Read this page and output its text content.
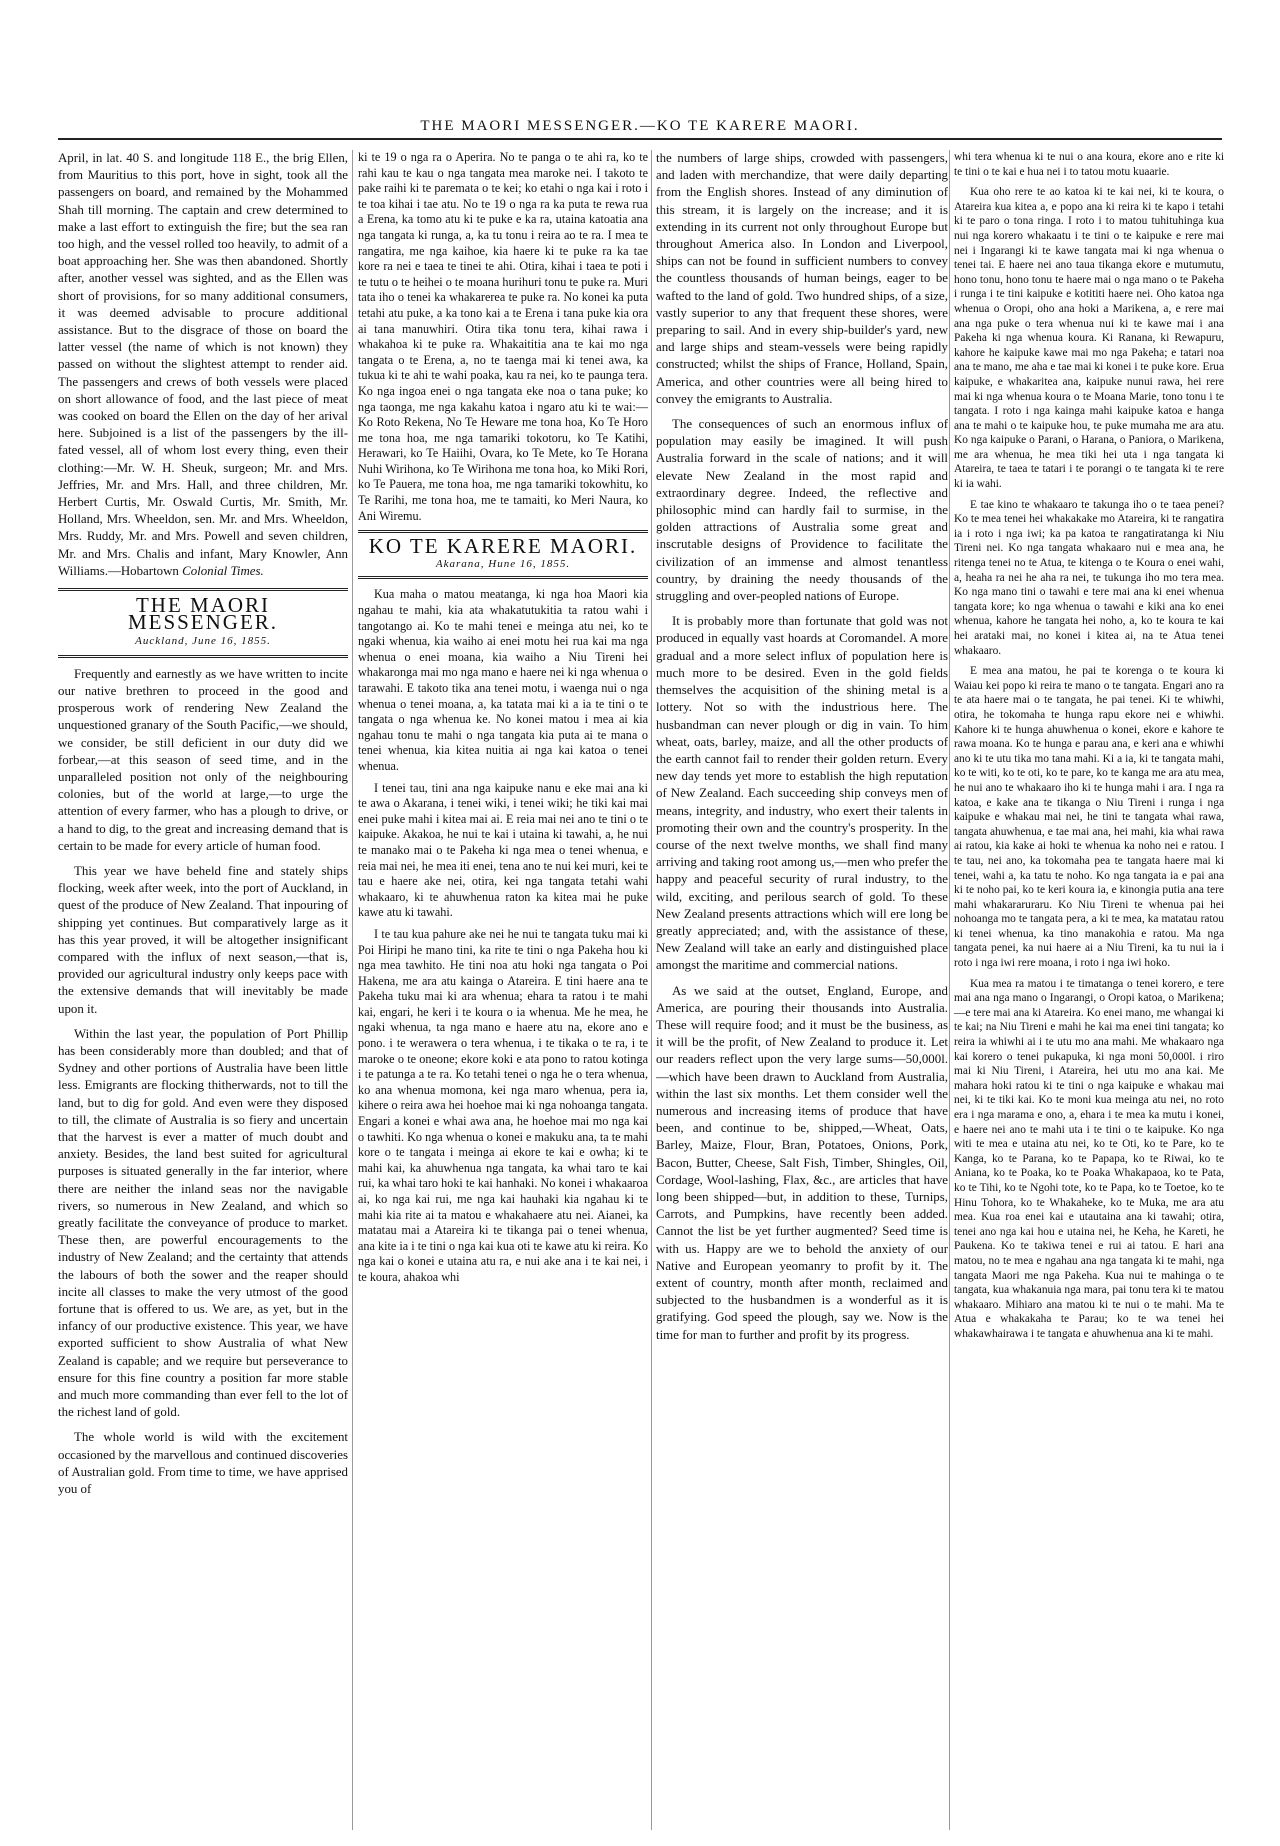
THE MAORI MESSENGER.—KO TE KARERE MAORI.

April, in lat. 40 S. and longitude 118 E., the brig Ellen, from Mauritius to this port, hove in sight, took all the passengers on board, and remained by the Mohammed Shah till morning. The captain and crew determined to make a last effort to extinguish the fire; but the sea ran too high, and the vessel rolled too heavily, to admit of a boat approaching her. She was then abandoned. Shortly after, another vessel was sighted, and as the Ellen was short of provisions, for so many additional consumers, it was deemed advisable to procure additional assistance. But to the disgrace of those on board the latter vessel (the name of which is not known) they passed on without the slightest attempt to render aid. The passengers and crews of both vessels were placed on short allowance of food, and the last piece of meat was cooked on board the Ellen on the day of her arival here. Subjoined is a list of the passengers by the ill-fated vessel, all of whom lost every thing, even their clothing:—Mr. W. H. Sheuk, surgeon; Mr. and Mrs. Jeffries, Mr. and Mrs. Hall, and three children, Mr. Herbert Curtis, Mr. Oswald Curtis, Mr. Smith, Mr. Holland, Mrs. Wheeldon, sen. Mr. and Mrs. Wheeldon, Mrs. Ruddy, Mr. and Mrs. Powell and seven children, Mr. and Mrs. Chalis and infant, Mary Knowler, Ann Williams.—Hobartown Colonial Times.

THE MAORI MESSENGER.
Auckland, June 16, 1855.

Frequently and earnestly as we have written to incite our native brethren to proceed in the good and prosperous work of rendering New Zealand the unquestioned granary of the South Pacific,—we should, we consider, be still deficient in our duty did we forbear,—at this season of seed time, and in the unparalleled position not only of the neighbouring colonies, but of the world at large,—to urge the attention of every farmer, who has a plough to drive, or a hand to dig, to the great and increasing demand that is certain to be made for every article of human food.

This year we have beheld fine and stately ships flocking, week after week, into the port of Auckland, in quest of the produce of New Zealand. That inpouring of shipping yet continues. But comparatively large as it has this year proved, it will be altogether insignificant compared with the influx of next season,—that is, provided our agricultural industry only keeps pace with the extensive demands that will inevitably be made upon it.

Within the last year, the population of Port Phillip has been considerably more than doubled; and that of Sydney and other portions of Australia have been little less. Emigrants are flocking thitherwards, not to till the land, but to dig for gold. And even were they disposed to till, the climate of Australia is so fiery and uncertain that the harvest is ever a matter of much doubt and anxiety. Besides, the land best suited for agricultural purposes is situated generally in the far interior, where there are neither the inland seas nor the navigable rivers, so numerous in New Zealand, and which so greatly facilitate the conveyance of produce to market. These then, are powerful encouragements to the industry of New Zealand; and the certainty that attends the labours of both the sower and the reaper should incite all classes to make the very utmost of the good fortune that is offered to us. We are, as yet, but in the infancy of our productive existence. This year, we have exported sufficient to show Australia of what New Zealand is capable; and we require but perseverance to ensure for this fine country a position far more stable and much more commanding than ever fell to the lot of the richest land of gold.

The whole world is wild with the excitement occasioned by the marvellous and continued discoveries of Australian gold. From time to time, we have apprised you of

ki te 19 o nga ra o Aperira. No te panga o te ahi ra, ko te rahi kau te kau o nga tangata mea maroke nei. I takoto te pake raihi ki te paremata o te kei; ko etahi o nga kai i roto i te toa kihai i tae atu. No te 19 o nga ra ka puta te rewa rua a Erena, ka tomo atu ki te puke e ka ra, utaina katoatia ana nga tangata ki runga, a, ka tu tonu i reira ao te ra. I mea te rangatira, me nga kaihoe, kia haere ki te puke ra ka tae kore ra nei e taea te tinei te ahi. Otira, kihai i taea te poti i te tutu o te heihei o te moana hurihuri tonu te puke ra. Muri tata iho o tenei ka whakarerea te puke ra. No konei ka puta tetahi atu puke, a ka tono kai a te Erena i tana puke kia ora ai tana manuwhiri. Otira tika tonu tera, kihai rawa i whakahoa ki te puke ra. Whakaititia ana te kai mo nga tangata o te Erena, a, no te taenga mai ki tenei awa, ka tukua ki te ahi te wahi poaka, kau ra nei, ko te paunga tera. Ko nga ingoa enei o nga tangata eke noa o tana puke; ko nga taonga, me nga kakahu katoa i ngaro atu ki te wai:—Ko Roto Rekena, No Te Heware me tona hoa, Ko Te Horo me tona hoa, me nga tamariki tokotoru, ko Te Katihi, Herawari, ko Te Haiihi, Ovara, ko Te Mete, ko Te Horana Nuhi Wirihona, ko Te Wirihona me tona hoa, ko Miki Rori, ko Te Pauera, me tona hoa, me nga tamariki tokowhitu, ko Te Rarihi, me tona hoa, me te tamaiti, ko Meri Naura, ko Ani Wiremu.

KO TE KARERE MAORI.
Akarana, Hune 16, 1855.

Kua maha o matou meatanga, ki nga hoa Maori kia ngahau te mahi, kia ata whakatutukitia ta ratou wahi i tangotango ai. Ko te mahi tenei e meinga atu nei, ko te ngaki whenua, kia waiho ai enei motu hei rua kai ma nga whenua o enei moana, kia waiho a Niu Tireni hei whakaronga mai mo nga mano e haere nei ki nga whenua o tarawahi. E takoto tika ana tenei motu, i waenga nui o nga whenua o tenei moana, a, ka tatata mai ki a ia te tini o te tangata o nga whenua ke. No konei matou i mea ai kia ngahau tonu te mahi o nga tangata kia puta ai te mana o tenei whenua, kia kitea nuitia ai nga kai katoa o tenei whenua.

I tenei tau, tini ana nga kaipuke nanu e eke mai ana ki te awa o Akarana, i tenei wiki, i tenei wiki; he tiki kai mai enei puke mahi i kitea mai ai. E reia mai nei ano te tini o te kaipuke. Akakoa, he nui te kai i utaina ki tawahi, a, he nui te manako mai o te Pakeha ki nga mea o tenei whenua, e reia mai nei, he mea iti enei, tena ano te nui kei muri, kei te tau e haere ake nei, otira, kei nga tangata tetahi wahi whakaaro, ki te ahuwhenua raton ka kitea mai he puke kawe atu ki tawahi.

I te tau kua pahure ake nei he nui te tangata tuku mai ki Poi Hiripi he mano tini, ka rite te tini o nga Pakeha hou ki nga mea tawhito. He tini noa atu hoki nga tangata o Poi Hakena, me ara atu kainga o Atareira. E tini haere ana te Pakeha tuku mai ki ara whenua; ehara ta ratou i te mahi kai, engari, he keri i te koura o ia whenua. Me he mea, he ngaki whenua, ta nga mano e haere atu na, ekore ano e pono. i te werawera o tera whenua, i te tikaka o te ra, i te maroke o te oneone; ekore koki e ata pono to ratou kotinga i te patunga a te ra. Ko tetahi tenei o nga he o tera whenua, ko ana whenua momona, kei nga maro whenua, pera ia, kihere o reira awa hei hoehoe mai ki nga nohoanga tangata. Engari a konei e whai awa ana, he hoehoe mai mo nga kai o tawhiti. Ko nga whenua o konei e makuku ana, ta te mahi kore o te tangata i meinga ai ekore te kai e owha; ki te mahi kai, ka ahuwhenua nga tangata, ka whai taro te kai rui, ka whai taro hoki te kai hanhaki. No konei i whakaaroa ai, ko nga kai rui, me nga kai hauhaki kia ngahau ki te mahi kia rite ai ta matou e whakahaere atu nei. Aianei, ka matatau mai a Atareira ki te tikanga pai o tenei whenua, ana kite ia i te tini o nga kai kua oti te kawe atu ki reira. Ko nga kai o konei e utaina atu ra, e nui ake ana i te kai nei, i te koura, ahakoa whi

the numbers of large ships, crowded with passengers, and laden with merchandize, that were daily departing from the English shores. Instead of any diminution of this stream, it is largely on the increase; and it is extending in its current not only throughout Europe but throughout America also. In London and Liverpool, ships can not be found in sufficient numbers to convey the countless thousands of human beings, eager to be wafted to the land of gold. Two hundred ships, of a size, vastly superior to any that frequent these shores, were preparing to sail. And in every ship-builder's yard, new and large ships and steam-vessels were being rapidly constructed; whilst the ships of France, Holland, Spain, America, and other countries were all being hired to convey the emigrants to Australia.

The consequences of such an enormous influx of population may easily be imagined. It will push Australia forward in the scale of nations; and it will elevate New Zealand in the most rapid and extraordinary degree. Indeed, the reflective and philosophic mind can hardly fail to surmise, in the golden attractions of Australia some great and inscrutable designs of Providence to facilitate the civilization of an immense and almost tenantless country, by draining the needy thousands of the struggling and over-peopled nations of Europe.

It is probably more than fortunate that gold was not produced in equally vast hoards at Coromandel. A more gradual and a more select influx of population here is much more to be desired. Even in the gold fields themselves the acquisition of the shining metal is a lottery. Not so with the industrious here. The husbandman can never plough or dig in vain. To him wheat, oats, barley, maize, and all the other products of the earth cannot fail to render their golden return. Every new day tends yet more to establish the high reputation of New Zealand. Each succeeding ship conveys men of means, integrity, and industry, who exert their talents in promoting their own and the country's prosperity. In the course of the next twelve months, we shall find many arriving and taking root among us,—men who prefer the happy and peaceful security of rural industry, to the wild, exciting, and perilous search of gold. To these New Zealand presents attractions which will ere long be greatly appreciated; and, with the assistance of these, New Zealand will take an early and distinguished place amongst the maritime and commercial nations.

As we said at the outset, England, Europe, and America, are pouring their thousands into Australia. These will require food; and it must be the business, as it will be the profit, of New Zealand to produce it. Let our readers reflect upon the very large sums—50,000l.—which have been drawn to Auckland from Australia, within the last six months. Let them consider well the numerous and increasing items of produce that have been, and continue to be, shipped,—Wheat, Oats, Barley, Maize, Flour, Bran, Potatoes, Onions, Pork, Bacon, Butter, Cheese, Salt Fish, Timber, Shingles, Oil, Cordage, Wool-lashing, Flax, &c., are articles that have long been shipped—but, in addition to these, Turnips, Carrots, and Pumpkins, have recently been added. Cannot the list be yet further augmented? Seed time is with us. Happy are we to behold the anxiety of our Native and European yeomanry to profit by it. The extent of country, month after month, reclaimed and subjected to the husbandmen is a wonderful as it is gratifying. God speed the plough, say we. Now is the time for man to further and profit by its progress.

whi tera whenua ki te nui o ana koura, ekore ano e rite ki te tini o te kai e hua nei i to tatou motu kuaarie.

Kua oho rere te ao katoa ki te kai nei, ki te koura, o Atareira kua kitea a, e popo ana ki reira ki te kapo i tetahi ki te paro o tona ringa. I roto i to matou tuhituhinga kua nui nga korero whakaatu i te tini o te kaipuke e rere mai nei i Ingarangi ki te kawe tangata mai ki nga whenua o tenei tai. E haere nei ano taua tikanga ekore e mutumutu, hono tonu, hono tonu te haere mai o nga mano o te Pakeha i runga i te tini kaipuke e kotititi haere nei. Oho katoa nga whenua o Oropi, oho ana hoki a Marikena, a, e rere mai ana nga puke o tera whenua nui ki te kawe mai i ana Pakeha ki nga whenua koura. Ki Ranana, ki Rewapuru, kahore he kaipuke kawe mai mo nga Pakeha; e tatari noa ana te mano, me aha e tae mai ki konei i te puke kore. Erua kaipuke, e whakaritea ana, kaipuke nunui rawa, hei rere mai ki nga whenua koura o te Moana Marie, tono tonu i te tangata. I roto i nga kainga mahi kaipuke katoa e hanga ana te mahi o te kaipuke hou, te puke mumaha me ara atu. Ko nga kaipuke o Parani, o Harana, o Paniora, o Marikena, me ara whenua, he mea tiki hei uta i nga tangata ki Atareira, te taea te tatari i te porangi o te tangata ki te rere ki ia wahi.

E tae kino te whakaaro te takunga iho o te taea penei? Ko te mea tenei hei whakakake mo Atareira, ki te rangatira ia i roto i nga iwi; ka pa katoa te rangatiratanga ki Niu Tireni nei. Ko nga tangata whakaaro nui e mea ana, he ritenga tenei no te Atua, te kitenga o te Koura o enei wahi, a, heaha ra nei he aha ra nei, te tukunga iho mo tera mea. Ko nga mano tini o tawahi e tere mai ana ki enei whenua tangata kore; ko nga whenua o tawahi e kiki ana ko enei whenua, kahore he tangata hei noho, a, ko te koura te kai hei arataki mai, no konei i kitea ai, na te Atua tenei whakaaro.

E mea ana matou, he pai te korenga o te koura ki Waiau kei popo ki reira te mano o te tangata. Engari ano ra te ata haere mai o te tangata, he pai tenei. Ki te whiwhi, otira, he tokomaha te hunga rapu ekore nei e whiwhi. Kahore ki te hunga ahuwhenua o konei, ekore e kahore te rawa moana. Ko te hunga e parau ana, e keri ana e whiwhi ano ki te utu tika mo tana mahi. Ki a ia, ki te tangata mahi, ko te witi, ko te oti, ko te pare, ko te kanga me ara atu mea, he nui ano te whakaaro iho ki te hunga mahi i ara. I nga ra katoa, e kake ana te tikanga o Niu Tireni i runga i nga kaipuke e whakau mai nei, he tini te tangata whai rawa, tangata ahuwhenua, e tae mai ana, hei mahi, kia whai rawa ai ratou, kia kake ai hoki te whenua ka noho nei e ratou. I te tau, nei ano, ka tokomaha pea te tangata haere mai ki tenei, wahi a, ka tatu te noho. Ko nga tangata ia e pai ana ki te noho pai, ko te keri koura ia, e kinongia putia ana tere mahi whakararuraru. Ko Niu Tireni te whenua pai hei nohoanga mo te tangata pera, a ki te mea, ka matatau ratou ki tenei whenua, ka tino manakohia e ratou. Ma nga tangata penei, ka nui haere ai a Niu Tireni, ka tu nui ia i roto i nga iwi rere moana, i roto i nga iwi hoko.

Kua mea ra matou i te timatanga o tenei korero, e tere mai ana nga mano o Ingarangi, o Oropi katoa, o Marikena;—e tere mai ana ki Atareira. Ko enei mano, me whangai ki te kai; na Niu Tireni e mahi he kai ma enei tini tangata; ko reira ia whiwhi ai i te utu mo ana mahi. Me whakaaro nga kai korero o tenei pukapuka, ki nga moni 50,000l. i riro mai ki Niu Tireni, i Atareira, hei utu mo ana kai. Me mahara hoki ratou ki te tini o nga kaipuke e whakau mai nei, ki te tiki kai. Ko te moni kua meinga atu nei, no roto era i nga marama e ono, a, ehara i te mea ka mutu i konei, e haere nei ano te mahi uta i te tini o te kaipuke. Ko nga witi te mea e utaina atu nei, ko te Oti, ko te Pare, ko te Kanga, ko te Parana, ko te Papapa, ko te Riwai, ko te Aniana, ko te Poaka, ko te Poaka Whakapaoa, ko te Pata, ko te Tihi, ko te Ngohi tote, ko te Papa, ko te Toetoe, ko te Hinu Tohora, ko te Whakaheke, ko te Muka, me ara atu mea. Kua roa enei kai e utautaina ana ki tawahi; otira, tenei ano nga kai hou e utaina nei, he Keha, he Kareti, he Paukena. Ko te takiwa tenei e rui ai tatou. E hari ana matou, no te mea e ngahau ana nga tangata ki te mahi, nga tangata Maori me nga Pakeha. Kua nui te mahinga o te tangata, kua whakanuia nga mara, pai tonu tera ki te matou whakaaro. Mihiaro ana matou ki te nui o te mahi. Ma te Atua e whakakaha te Parau; ko te wa tenei hei whakawhairawa i te tangata e ahuwhenua ana ki te mahi.
